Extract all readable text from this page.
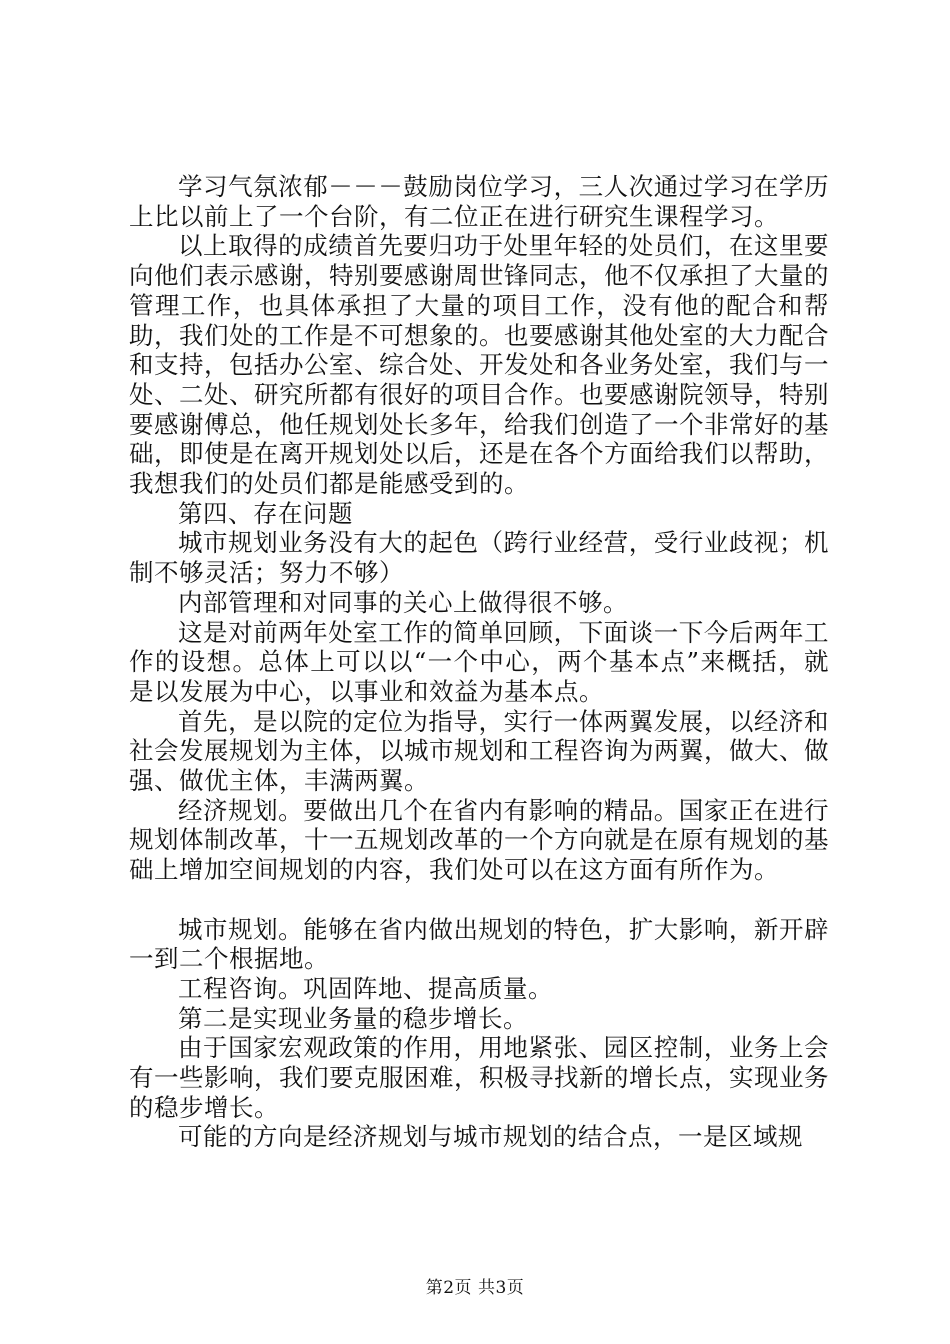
学习气氛浓郁－－－鼓励岗位学习，三人次通过学习在学历上比以前上了一个台阶，有二位正在进行研究生课程学习。

以上取得的成绩首先要归功于处里年轻的处员们，在这里要向他们表示感谢，特别要感谢周世锋同志，他不仅承担了大量的管理工作，也具体承担了大量的项目工作，没有他的配合和帮助，我们处的工作是不可想象的。也要感谢其他处室的大力配合和支持，包括办公室、综合处、开发处和各业务处室，我们与一处、二处、研究所都有很好的项目合作。也要感谢院领导，特别要感谢傅总，他任规划处长多年，给我们创造了一个非常好的基础，即使是在离开规划处以后，还是在各个方面给我们以帮助，我想我们的处员们都是能感受到的。

第四、存在问题

城市规划业务没有大的起色（跨行业经营，受行业歧视；机制不够灵活；努力不够）

内部管理和对同事的关心上做得很不够。

这是对前两年处室工作的简单回顾，下面谈一下今后两年工作的设想。总体上可以以“一个中心，两个基本点”来概括，就是以发展为中心，以事业和效益为基本点。

首先，是以院的定位为指导，实行一体两翼发展，以经济和社会发展规划为主体，以城市规划和工程咨询为两翼，做大、做强、做优主体，丰满两翼。

经济规划。要做出几个在省内有影响的精品。国家正在进行规划体制改革，十一五规划改革的一个方向就是在原有规划的基础上增加空间规划的内容，我们处可以在这方面有所作为。

城市规划。能够在省内做出规划的特色，扩大影响，新开辟一到二个根据地。

工程咨询。巩固阵地、提高质量。

第二是实现业务量的稳步增长。

由于国家宏观政策的作用，用地紧张、园区控制，业务上会有一些影响，我们要克服困难，积极寻找新的增长点，实现业务的稳步增长。

可能的方向是经济规划与城市规划的结合点，一是区域规

第2页 共3页
